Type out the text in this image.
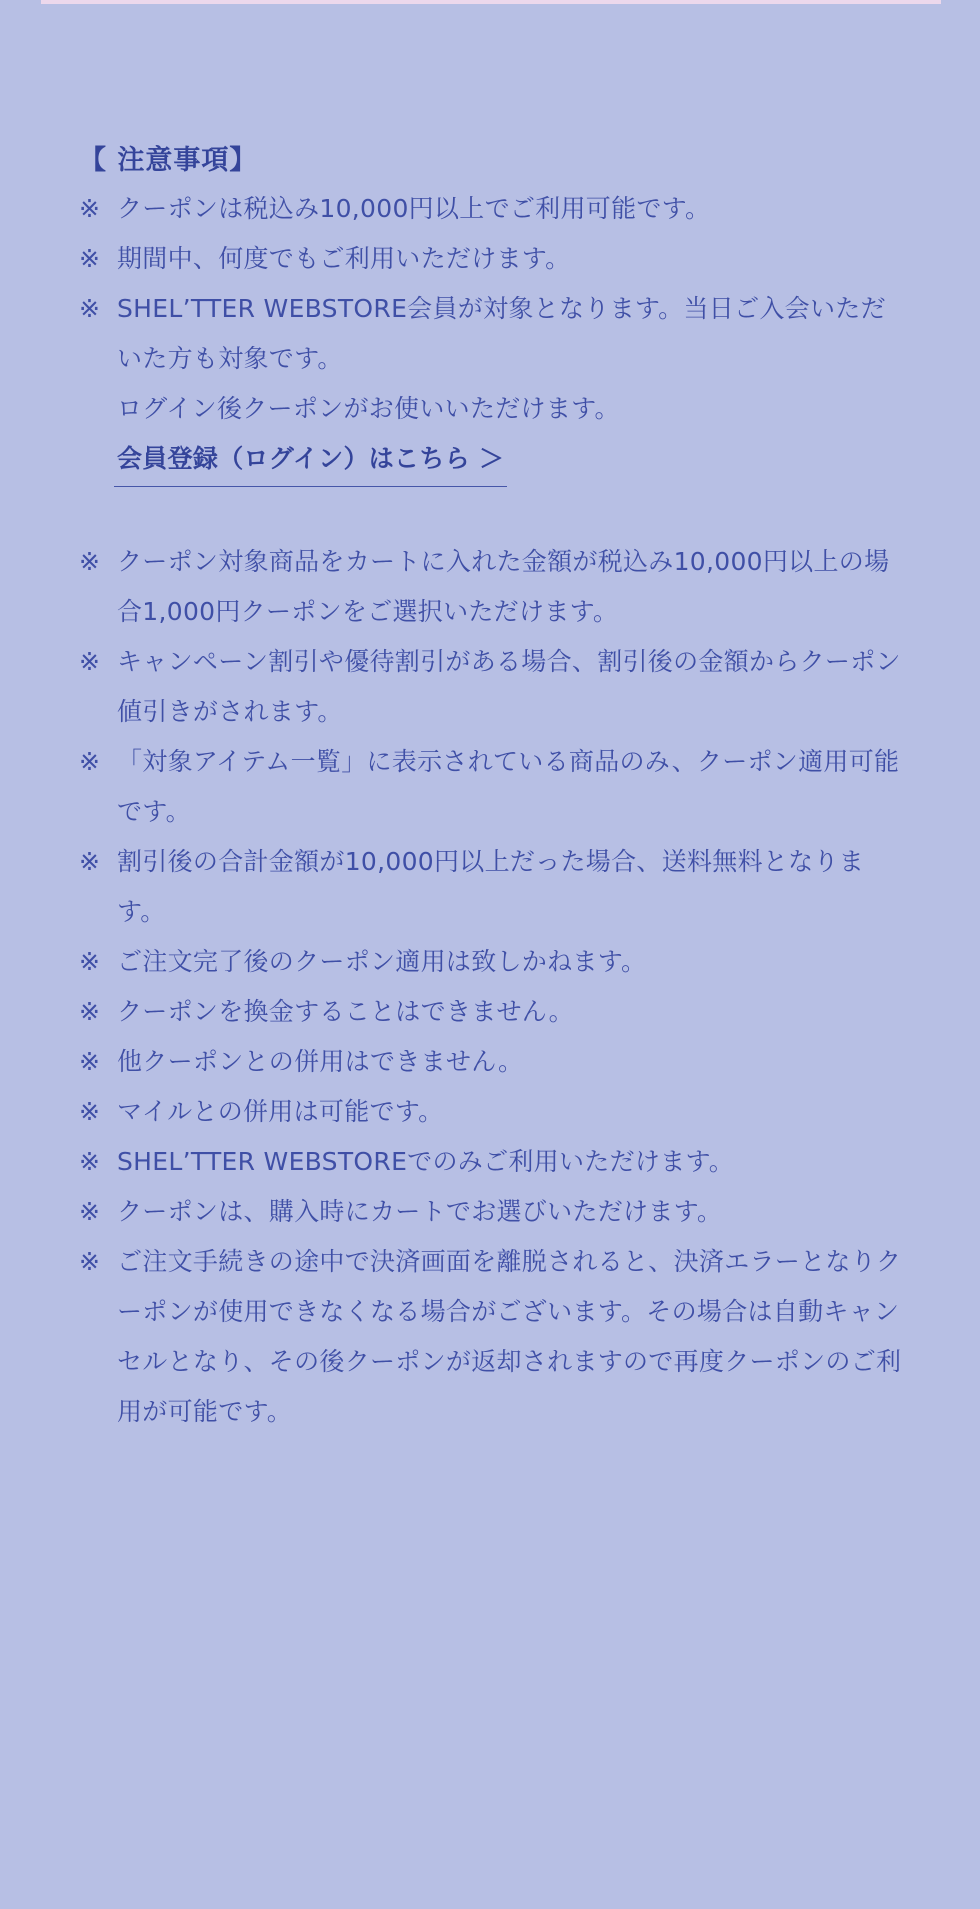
【 注意事項】
※ クーポンは税込み10,000円以上でご利用可能です。
※ 期間中、何度でもご利用いただけます。
※ SHEL’TTER WEBSTORE会員が対象となります。当日ご入会いただいた方も対象です。
ログイン後クーポンがお使いいただけます。
会員登録（ログイン）はこちら ＞
※ クーポン対象商品をカートに入れた金額が税込み10,000円以上の場合1,000円クーポンをご選択いただけます。
※ キャンペーン割引や優待割引がある場合、割引後の金額からクーポン値引きがされます。
※ 「対象アイテム一覧」に表示されている商品のみ、クーポン適用可能です。
※ 割引後の合計金額が10,000円以上だった場合、送料無料となります。
※ ご注文完了後のクーポン適用は致しかねます。
※ クーポンを換金することはできません。
※ 他クーポンとの併用はできません。
※ マイルとの併用は可能です。
※ SHEL’TTER WEBSTOREでのみご利用いただけます。
※ クーポンは、購入時にカートでお選びいただけます。
※ ご注文手続きの途中で決済画面を離脱されると、決済エラーとなりクーポンが使用できなくなる場合がございます。その場合は自動キャンセルとなり、その後クーポンが返却されますので再度クーポンのご利用が可能です。
